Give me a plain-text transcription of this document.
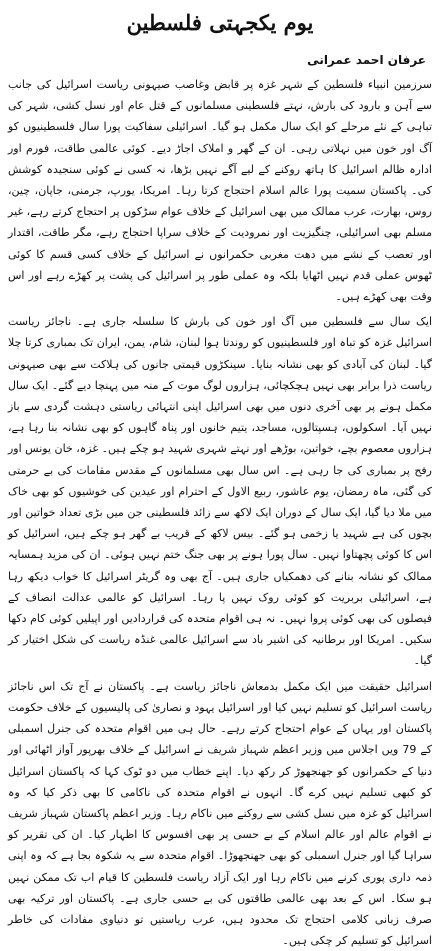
یوم یکجہتی فلسطین
عرفان احمد عمرانی

سرزمین انبیاء فلسطین کے شہر غزہ پر قابض وغاصب صیہونی ریاست اسرائیل کی جانب سے آہن و بارود کی بارش، نہتے فلسطینی مسلمانوں کے قتل عام اور نسل کشی، شہر کی تباہی کے نئے مرحلے کو ایک سال مکمل ہو گیا۔ اسرائیلی سفاکیت پورا سال فلسطینیوں کو آگ اور خون میں نہلاتی رہی۔ ان کے گھر و املاک اجاڑ دیے۔ کوئی عالمی طاقت، فورم اور ادارہ ظالم اسرائیل کا ہاتھ روکنے کے لیے آگے نہیں بڑھا، نہ کسی نے کوئی سنجیدہ کوشش کی۔ پاکستان سمیت پورا عالم اسلام احتجاج کرتا رہا۔ امریکا، یورپ، جرمنی، جاپان، چین، روس، بھارت، عرب ممالک میں بھی اسرائیل کے خلاف عوام سڑکوں پر احتجاج کرتے رہے، غیر مسلم بھی اسرائیلی، چنگیزیت اور نمرودیت کے خلاف سراپا احتجاج رہے، مگر طاقت، اقتدار اور تعصب کے نشے میں دھت مغربی حکمرانوں نے اسرائیل کے خلاف کسی قسم کا کوئی ٹھوس عملی قدم نہیں اٹھایا بلکہ وہ عملی طور پر اسرائیل کی پشت پر کھڑے رہے اور اس وقت بھی کھڑے ہیں۔

ایک سال سے فلسطین میں آگ اور خون کی بارش کا سلسلہ جاری ہے۔ ناجائز ریاست اسرائیل غزہ کو تباہ اور فلسطینیوں کو روندتا ہوا لبنان، شام، یمن، ایران تک بمباری کرتا چلا گیا۔ لبنان کی آبادی کو بھی نشانہ بنایا۔ سینکڑوں قیمتی جانوں کی ہلاکت سے بھی صیہونی ریاست ذرا برابر بھی نہیں ہچکچائی، ہزاروں لوگ موت کے منہ میں پہنچا دیے گئے۔ ایک سال مکمل ہونے پر بھی آخری دنوں میں بھی اسرائیل اپنی انتہائی ریاستی دہشت گردی سے باز نہیں آیا۔ اسکولوں، ہسپتالوں، مساجد، یتیم خانوں اور پناہ گاہوں کو بھی نشانہ بنا رہا ہے، ہزاروں معصوم بچے، خواتین، بوڑھے اور نہتے شہری شہید ہو چکے ہیں۔ غزہ، خان یونس اور رفح پر بمباری کی جا رہی ہے۔ اس سال بھی مسلمانوں کے مقدس مقامات کی بے حرمتی کی گئی، ماہ رمضان، یوم عاشور، ربیع الاول کے احترام اور عیدین کی خوشیوں کو بھی خاک میں ملا دیا گیا، ایک سال کے دوران ایک لاکھ سے زائد فلسطینی جن میں بڑی تعداد خواتین اور بچوں کی ہے شہید یا زخمی ہو گئے۔ بیس لاکھ کے قریب بے گھر ہو چکے ہیں، اسرائیل کو اس کا کوئی پچھتاوا نہیں۔ سال پورا ہونے پر بھی جنگ ختم نہیں ہوئی۔ ان کی مزید ہمسایہ ممالک کو نشانہ بنانے کی دھمکیاں جاری ہیں۔ آج بھی وہ گریٹر اسرائیل کا خواب دیکھ رہا ہے، اسرائیلی بربریت کو کوئی روک نہیں پا رہا۔ اسرائیل کو عالمی عدالت انصاف کے فیصلوں کی بھی کوئی پروا نہیں۔ نہ ہی اقوام متحدہ کی قراردادیں اور اپیلیں کوئی کام دکھا سکیں۔ امریکا اور برطانیہ کی اشیر باد سے اسرائیل عالمی غنڈہ ریاست کی شکل اختیار کر گیا۔

اسرائیل حقیقت میں ایک مکمل بدمعاش ناجائز ریاست ہے۔ پاکستان نے آج تک اس ناجائز ریاست اسرائیل کو تسلیم نہیں کیا اور اسرائیل یہود و نصاریٰ کی پالیسیوں کے خلاف حکومت پاکستان اور یہاں کے عوام احتجاج کرتے رہے۔ حال ہی میں اقوام متحدہ کی جنرل اسمبلی کے 79 ویں اجلاس میں وزیر اعظم شہباز شریف نے اسرائیل کے خلاف بھرپور آواز اٹھائی اور دنیا کے حکمرانوں کو جھنجھوڑ کر رکھ دیا۔ اپنے خطاب میں دو ٹوک کہا کہ پاکستان اسرائیل کو کبھی تسلیم نہیں کرے گا۔ انہوں نے اقوام متحدہ کی ناکامی کا بھی ذکر کیا کہ وہ اسرائیل کو غزہ میں نسل کشی سے روکنے میں ناکام رہا۔ وزیر اعظم پاکستان شہباز شریف نے اقوام عالم اور عالم اسلام کے بے حسی پر بھی افسوس کا اظہار کیا۔ ان کی تقریر کو سراہا گیا اور جنرل اسمبلی کو بھی جھنجھوڑا۔ اقوام متحدہ سے یہ شکوہ بجا ہے کہ وہ اپنی ذمہ داری پوری کرنے میں ناکام رہا اور ایک آزاد ریاست فلسطین کا قیام اب تک ممکن نہیں ہو سکا۔ اس کے بعد بھی عالمی طاقتوں کی بے حسی جاری ہے۔ پاکستان اور ترکیہ بھی صرف زبانی کلامی احتجاج تک محدود ہیں، عرب ریاستیں تو دنیاوی مفادات کی خاطر اسرائیل کو تسلیم کر چکی ہیں۔
